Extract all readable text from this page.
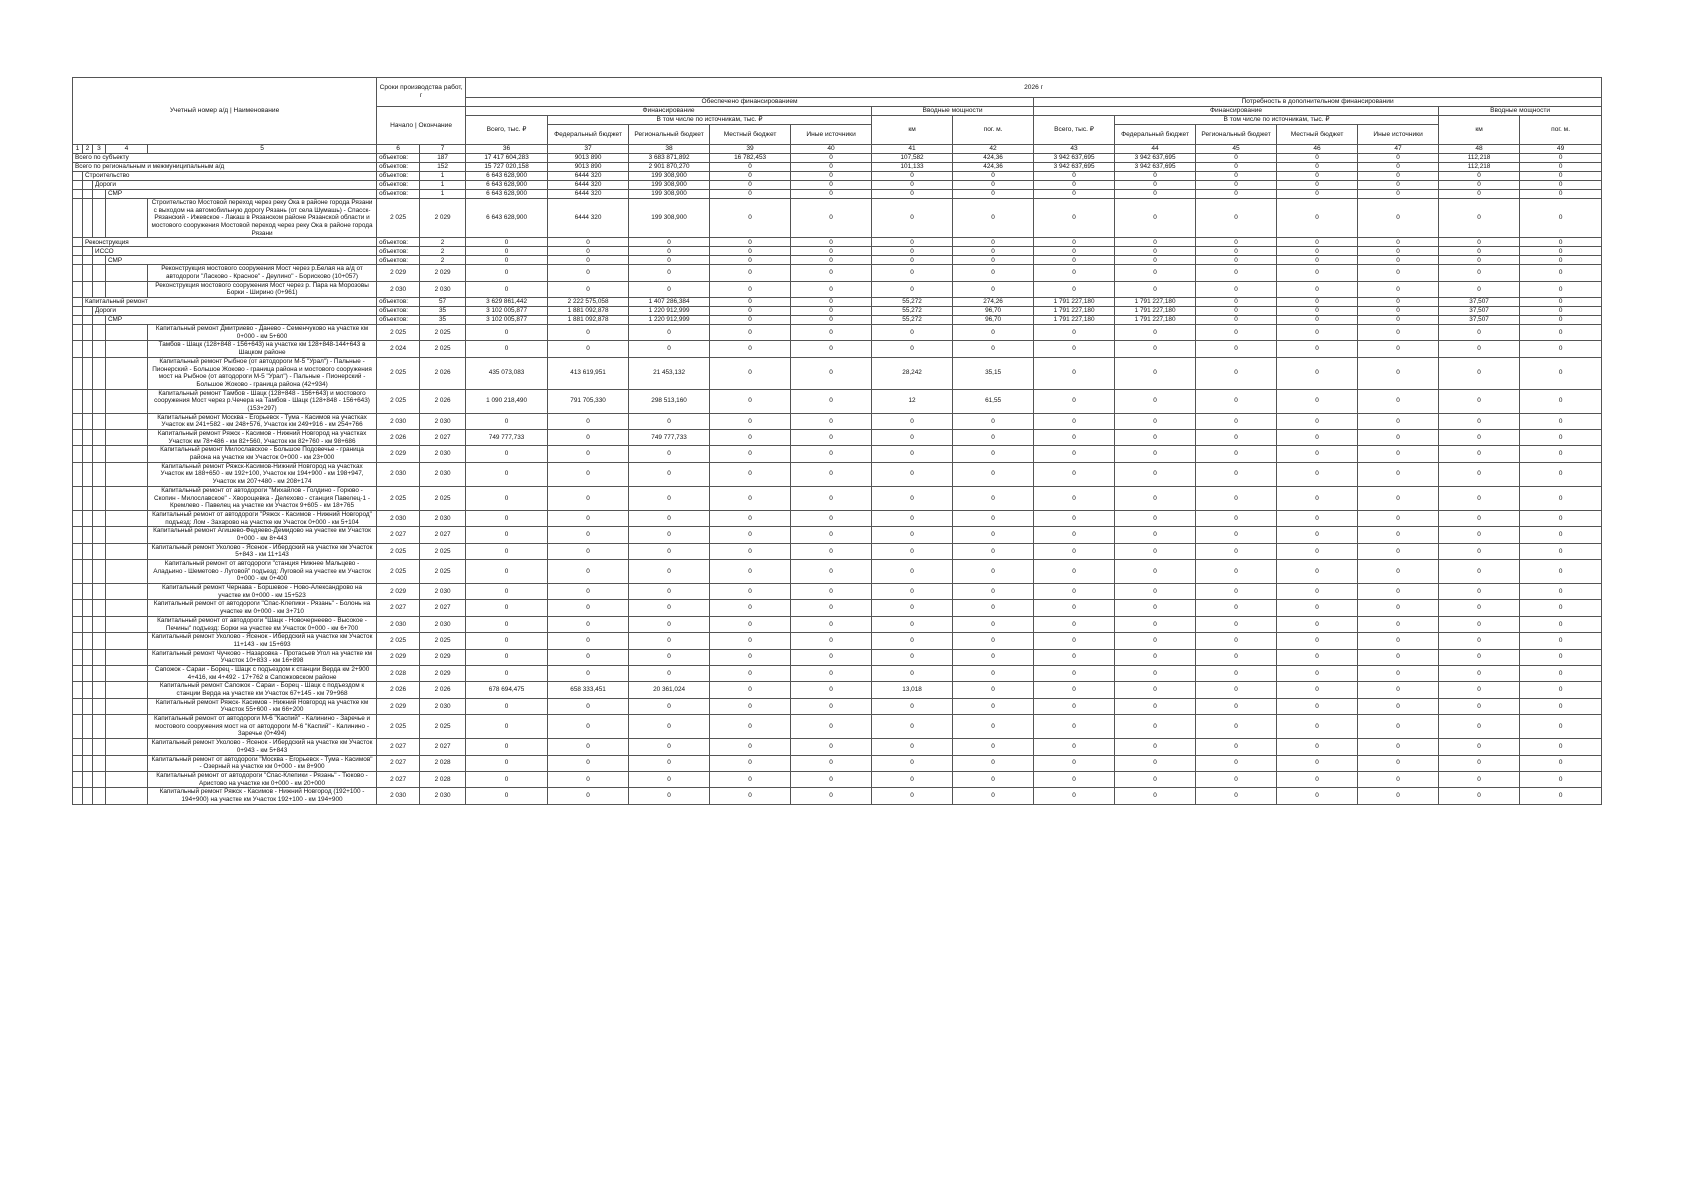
Учетный номер а/д | Наименование					Сроки производства работ, г		2026 г													
							Обеспечено финансированием							Потребность в дополнительном финансировании						
					Начало | Окончание		Финансирование					Вводные мощности		Финансирование					Вводные мощности	
							Всего, тыс. ₽	В том числе по источникам, тыс. ₽				км	пог. м.	Всего, тыс. ₽	В том числе по источникам, тыс. ₽				км	пог. м.
								Федеральный бюджет	Региональный бюджет	Местный бюджет	Иные источники				Федеральный бюджет	Региональный бюджет	Местный бюджет	Иные источники		
1	2	3	4	5	6	7	36	37	38	39	40	41	42	43	44	45	46	47	48	49
Всего по субъекту					объектов:	187	17 417 604,283	9013 890	3 683 871,892	16 782,453	0	107,582	424,36	3 942 637,695	3 942 637,695	0	0	0	112,218	0
Всего по региональным и межмуниципальным а/д					объектов:	152	15 727 020,158	9013 890	2 901 870,270	0	0	101,133	424,36	3 942 637,695	3 942 637,695	0	0	0	112,218	0
	Строительство				объектов:	1	6 643 628,900	6444 320	199 308,900	0	0	0	0	0	0	0	0	0	0	0
		Дороги			объектов:	1	6 643 628,900	6444 320	199 308,900	0	0	0	0	0	0	0	0	0	0	0
			СМР		объектов:	1	6 643 628,900	6444 320	199 308,900	0	0	0	0	0	0	0	0	0	0	0
				Строительство Мостовой переход через реку Ока в районе города Рязани с выходом на автомобильную дорогу Рязань (от села Шумашь) - Спасск-Рязанский - Ижевское - Лакаш в Рязанском районе Рязанской области и мостового сооружения Мостовой переход через реку Ока в районе города Рязани	2 025	2 029	6 643 628,900	6444 320	199 308,900	0	0	0	0	0	0	0	0	0	0	0
	Реконструкция				объектов:	2	0	0	0	0	0	0	0	0	0	0	0	0	0	0
		ИССО			объектов:	2	0	0	0	0	0	0	0	0	0	0	0	0	0	0
			СМР		объектов:	2	0	0	0	0	0	0	0	0	0	0	0	0	0	0
				Реконструкция мостового сооружения Мост через р.Белая на а/д от автодороги "Ласково - Красное" - Деулино" - Борисково (10+057)	2 029	2 029	0	0	0	0	0	0	0	0	0	0	0	0	0	0
				Реконструкция мостового сооружения Мост через р. Пара на Морозовы Борки - Ширино (0+961)	2 030	2 030	0	0	0	0	0	0	0	0	0	0	0	0	0	0
	Капитальный ремонт				объектов:	57	3 629 861,442	2 222 575,058	1 407 286,384	0	0	55,272	274,26	1 791 227,180	1 791 227,180	0	0	0	37,507	0
		Дороги			объектов:	35	3 102 005,877	1 881 092,878	1 220 912,999	0	0	55,272	96,70	1 791 227,180	1 791 227,180	0	0	0	37,507	0
			СМР		объектов:	35	3 102 005,877	1 881 092,878	1 220 912,999	0	0	55,272	96,70	1 791 227,180	1 791 227,180	0	0	0	37,507	0
				Капитальный ремонт Дмитриево - Данево - Семенчуково на участке км 0+000 - км 5+600	2 025	2 025	0	0	0	0	0	0	0	0	0	0	0	0	0	0
				Тамбов - Шацк (128+848 - 156+643) на участке км 128+848-144+643 в Шацком районе	2 024	2 025	0	0	0	0	0	0	0	0	0	0	0	0	0	0
				Капитальный ремонт Рыбное (от автодороги М-5 "Урал") - Пальные - Пионерский - Большое Жоково - граница района и мостового сооружения мост на Рыбное (от автодороги М-5 "Урал") - Пальные - Пионерский - Большое Жоково - граница района (42+934)	2 025	2 026	435 073,083	413 619,951	21 453,132	0	0	28,242	35,15	0	0	0	0	0	0	0
				Капитальный ремонт Тамбов - Шацк (128+848 - 156+643) и мостового сооружения Мост через р.Чечера на Тамбов - Шацк (128+848 - 156+643) (153+297)	2 025	2 026	1 090 218,490	791 705,330	298 513,160	0	0	12	61,55	0	0	0	0	0	0	0
				Капитальный ремонт Москва - Егорьевск - Тума - Касимов на участках Участок км 241+582 - км 248+576, Участок км 249+916 - км 254+766	2 030	2 030	0	0	0	0	0	0	0	0	0	0	0	0	0	0
				Капитальный ремонт Ряжск - Касимов - Нижний Новгород на участках Участок км 78+486 - км 82+560, Участок км 82+760 - км 98+686	2 026	2 027	749 777,733	0	749 777,733	0	0	0	0	0	0	0	0	0	0	0
				Капитальный ремонт Милославское - Большое Подовечье - граница района на участке км Участок 0+000 - км 23+000	2 029	2 030	0	0	0	0	0	0	0	0	0	0	0	0	0	0
				Капитальный ремонт Ряжск-Касимов-Нижний Новгород на участках Участок км 188+650 - км 192+100, Участок км 194+900 - км 198+947, Участок км 207+480 - км 208+174	2 030	2 030	0	0	0	0	0	0	0	0	0	0	0	0	0	0
				Капитальный ремонт от автодороги "Михайлов - Голдино - Горюво - Скопин - Милославское" - Хворощевка - Делехово - станция Павелец-1 - Кремлево - Павелец на участке км Участок 9+605 - км 18+765	2 025	2 025	0	0	0	0	0	0	0	0	0	0	0	0	0	0
				Капитальный ремонт от автодороги "Ряжск - Касимов - Нижний Новгород" подъезд: Лом - Захарово на участке км Участок 0+000 - км 5+104	2 030	2 030	0	0	0	0	0	0	0	0	0	0	0	0	0	0
				Капитальный ремонт Агишево-Федяево-Демидово на участке км Участок 0+000 - км 8+443	2 027	2 027	0	0	0	0	0	0	0	0	0	0	0	0	0	0
				Капитальный ремонт Уколово - Ясенок - Ибердский на участке км Участок 5+843 - км 11+143	2 025	2 025	0	0	0	0	0	0	0	0	0	0	0	0	0	0
				Капитальный ремонт от автодороги "станция Нижнее Мальцево - Аладьино - Шеметово - Луговой" подъезд: Луговой на участке км Участок 0+000 - км 0+400	2 025	2 025	0	0	0	0	0	0	0	0	0	0	0	0	0	0
				Капитальный ремонт Чернава - Боршевое - Ново-Александрово на участке км 0+000 - км 15+523	2 029	2 030	0	0	0	0	0	0	0	0	0	0	0	0	0	0
				Капитальный ремонт от автодороги "Спас-Клепики - Рязань" - Болонь на участке км 0+000 - км 3+710	2 027	2 027	0	0	0	0	0	0	0	0	0	0	0	0	0	0
				Капитальный ремонт от автодороги "Шацк - Новочернеево - Высокое - Печины" подъезд: Борки на участке км Участок 0+000 - км 6+700	2 030	2 030	0	0	0	0	0	0	0	0	0	0	0	0	0	0
				Капитальный ремонт Уколово - Ясенок - Ибердский на участке км Участок 11+143 - км 15+693	2 025	2 025	0	0	0	0	0	0	0	0	0	0	0	0	0	0
				Капитальный ремонт Чучково - Назаровка - Протасьев Угол на участке км Участок 10+833 - км 16+898	2 029	2 029	0	0	0	0	0	0	0	0	0	0	0	0	0	0
				Сапожок - Сараи - Борец - Шацк с подъездом к станции Верда км 2+900 4+416, км 4+492 - 17+762 в Сапожковском районе	2 028	2 029	0	0	0	0	0	0	0	0	0	0	0	0	0	0
				Капитальный ремонт Сапожок - Сараи - Борец - Шацк с подъездом к станции Верда на участке км Участок 67+145 - км 79+968	2 026	2 026	678 694,475	658 333,451	20 361,024	0	0	13,018	0	0	0	0	0	0	0	0
				Капитальный ремонт Ряжск- Касимов - Нижний Новгород на участке км Участок 55+600 - км 66+200	2 029	2 030	0	0	0	0	0	0	0	0	0	0	0	0	0	0
				Капитальный ремонт от автодороги М-6 "Каспий" - Калинино - Заречье и мостового сооружения мост на от автодороги М-6 "Каспий" - Калинино - Заречье (0+494)	2 025	2 025	0	0	0	0	0	0	0	0	0	0	0	0	0	0
				Капитальный ремонт Уколово - Ясенок - Ибердский на участке км Участок 0+943 - км 5+843	2 027	2 027	0	0	0	0	0	0	0	0	0	0	0	0	0	0
				Капитальный ремонт от автодороги "Москва - Егорьевск - Тума - Касимов" - Озерный на участке км 0+000 - км 8+900	2 027	2 028	0	0	0	0	0	0	0	0	0	0	0	0	0	0
				Капитальный ремонт от автодороги "Спас-Клепики - Рязань" - Тюково - Аристово на участке км 0+000 - км 20+000	2 027	2 028	0	0	0	0	0	0	0	0	0	0	0	0	0	0
				Капитальный ремонт Ряжск - Касимов - Нижний Новгород (192+100 - 194+900) на участке км Участок 192+100 - км 194+900	2 030	2 030	0	0	0	0	0	0	0	0	0	0	0	0	0	0
